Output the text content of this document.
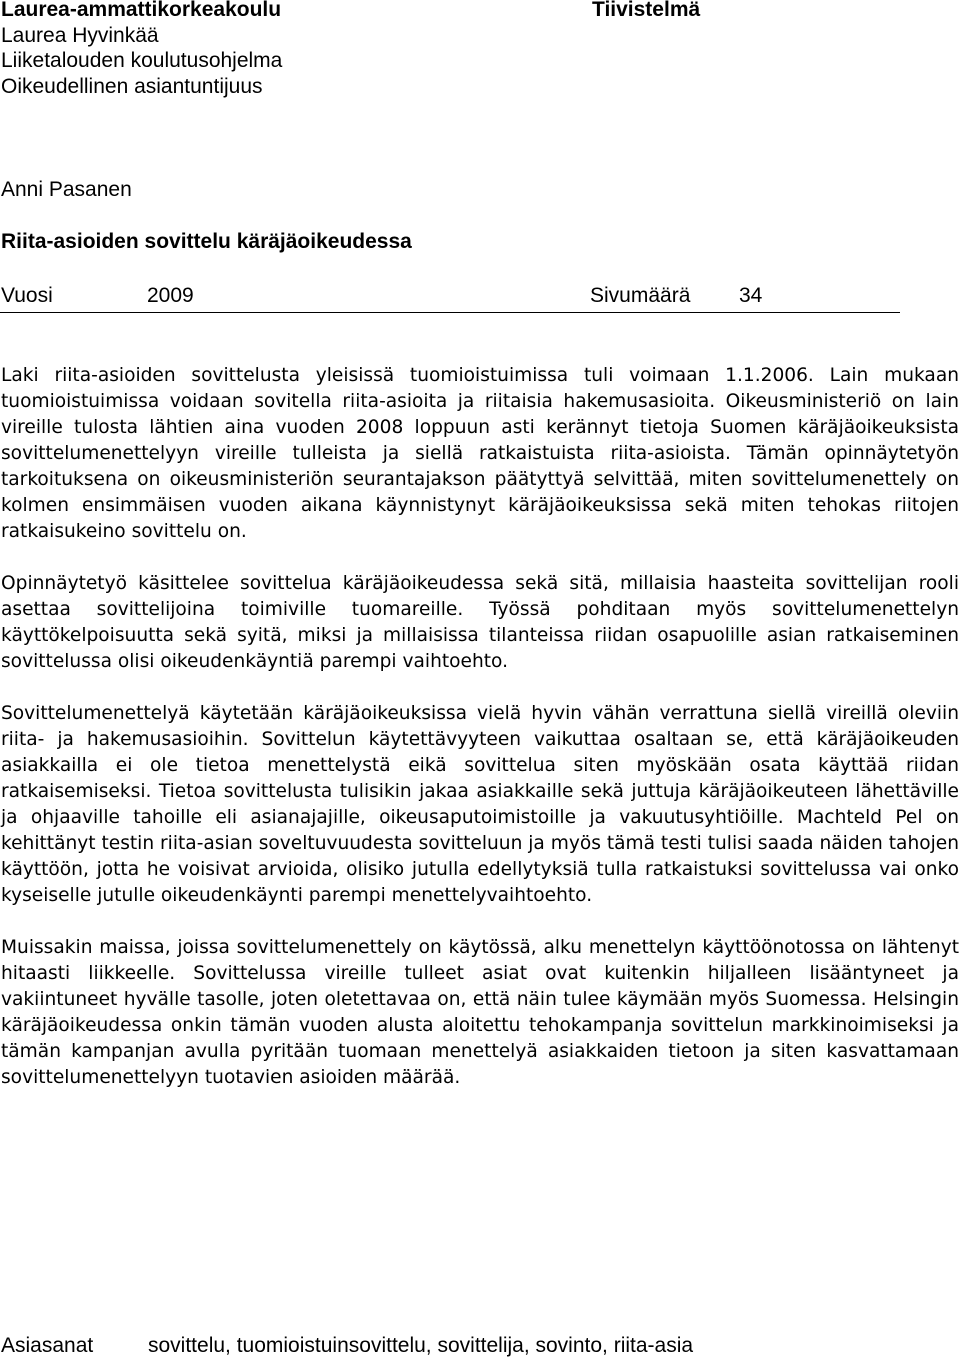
Laurea-ammattikorkeakoulu
Laurea Hyvinkää
Liiketalouden koulutusohjelma
Oikeudellinen asiantuntijuus
Tiivistelmä
Anni Pasanen
Riita-asioiden sovittelu käräjäoikeudessa
Vuosi	2009	Sivumäärä 34

Laki riita-asioiden sovittelusta yleisissä tuomioistuimissa tuli voimaan 1.1.2006. Lain mukaan tuomioistuimissa voidaan sovitella riita-asioita ja riitaisia hakemusasioita. Oikeusministeriö on lain vireille tulosta lähtien aina vuoden 2008 loppuun asti kerännyt tietoja Suomen käräjäoikeuksista sovittelumenettelyyn vireille tulleista ja siellä ratkaistuista riita-asioista. Tämän opinnäytetyön tarkoituksena on oikeusministeriön seurantajakson päätyttyä selvittää, miten sovittelumenettely on kolmen ensimmäisen vuoden aikana käynnistynyt käräjäoikeuksissa sekä miten tehokas riitojen ratkaisukeino sovittelu on.

Opinnäytetyö käsittelee sovittelua käräjäoikeudessa sekä sitä, millaisia haasteita sovittelijan rooli asettaa sovittelijoina toimiville tuomareille. Työssä pohditaan myös sovittelumenettelyn käyttökelpoisuutta sekä syitä, miksi ja millaisissa tilanteissa riidan osapuolille asian ratkaiseminen sovittelussa olisi oikeudenkäyntiä parempi vaihtoehto.

Sovittelumenettelyä käytetään käräjäoikeuksissa vielä hyvin vähän verrattuna siellä vireillä oleviin riita- ja hakemusasioihin. Sovittelun käytettävyyteen vaikuttaa osaltaan se, että käräjäoikeuden asiakkailla ei ole tietoa menettelystä eikä sovittelua siten myöskään osata käyttää riidan ratkaisemiseksi. Tietoa sovittelusta tulisikin jakaa asiakkaille sekä juttuja käräjäoikeuteen lähettäville ja ohjaaville tahoille eli asianajajille, oikeusaputoimistoille ja vakuutusyhtiöille. Machteld Pel on kehittänyt testin riita-asian soveltuvuudesta sovitteluun ja myös tämä testi tulisi saada näiden tahojen käyttöön, jotta he voisivat arvioida, olisiko jutulla edellytyksiä tulla ratkaistuksi sovittelussa vai onko kyseiselle jutulle oikeudenkäynti parempi menettelyvaihtoehto.

Muissakin maissa, joissa sovittelumenettely on käytössä, alku menettelyn käyttöönotossa on lähtenyt hitaasti liikkeelle. Sovittelussa vireille tulleet asiat ovat kuitenkin hiljalleen lisääntyneet ja vakiintuneet hyvälle tasolle, joten oletettavaa on, että näin tulee käymään myös Suomessa. Helsingin käräjäoikeudessa onkin tämän vuoden alusta aloitettu tehokampanja sovittelun markkinoimiseksi ja tämän kampanjan avulla pyritään tuomaan menettelyä asiakkaiden tietoon ja siten kasvattamaan sovittelumenettelyyn tuotavien asioiden määrää.

Asiasanat	sovittelu, tuomioistuinsovittelu, sovittelija, sovinto, riita-asia
